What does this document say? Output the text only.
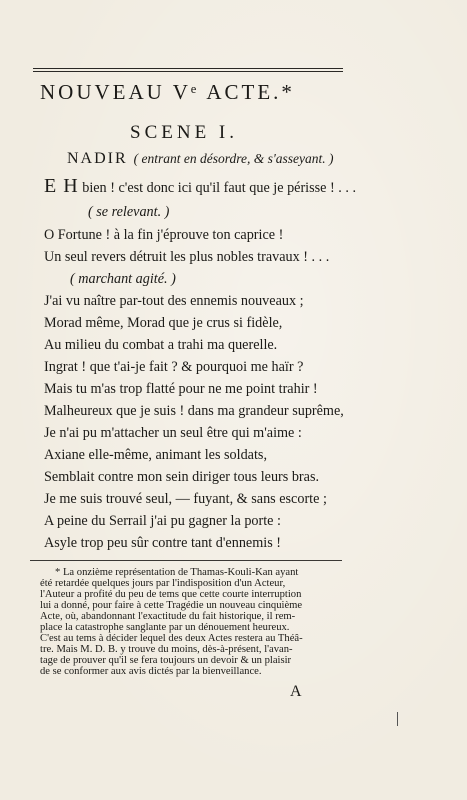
NOUVEAU Vᵉ ACTE.*
SCENE I.
NADIR ( entrant en désordre, & s'asseyant. )
E H bien ! c'est donc ici qu'il faut que je périsse ! . . .
( se relevant. )
O Fortune ! à la fin j'éprouve ton caprice !
Un seul revers détruit les plus nobles travaux ! . . .
( marchant agité. )
J'ai vu naître par-tout des ennemis nouveaux ;
Morad même, Morad que je crus si fidèle,
Au milieu du combat a trahi ma querelle.
Ingrat ! que t'ai-je fait ? & pourquoi me haïr ?
Mais tu m'as trop flatté pour ne me point trahir !
Malheureux que je suis ! dans ma grandeur suprême,
Je n'ai pu m'attacher un seul être qui m'aime :
Axiane elle-même, animant les soldats,
Semblait contre mon sein diriger tous leurs bras.
Je me suis trouvé seul, — fuyant, & sans escorte ;
A peine du Serrail j'ai pu gagner la porte :
Asyle trop peu sûr contre tant d'ennemis !
* La onzième représentation de Thamas-Kouli-Kan ayant
été retardée quelques jours par l'indisposition d'un Acteur,
l'Auteur a profité du peu de tems que cette courte interruption
lui a donné, pour faire à cette Tragédie un nouveau cinquième
Acte, où, abandonnant l'exactitude du fait historique, il rem-
place la catastrophe sanglante par un dénouement heureux.
C'est au tems à décider lequel des deux Actes restera au Théâ-
tre. Mais M. D. B. y trouve du moins, dès-à-présent, l'avan-
tage de prouver qu'il se fera toujours un devoir & un plaisir
de se conformer aux avis dictés par la bienveillance.
A
